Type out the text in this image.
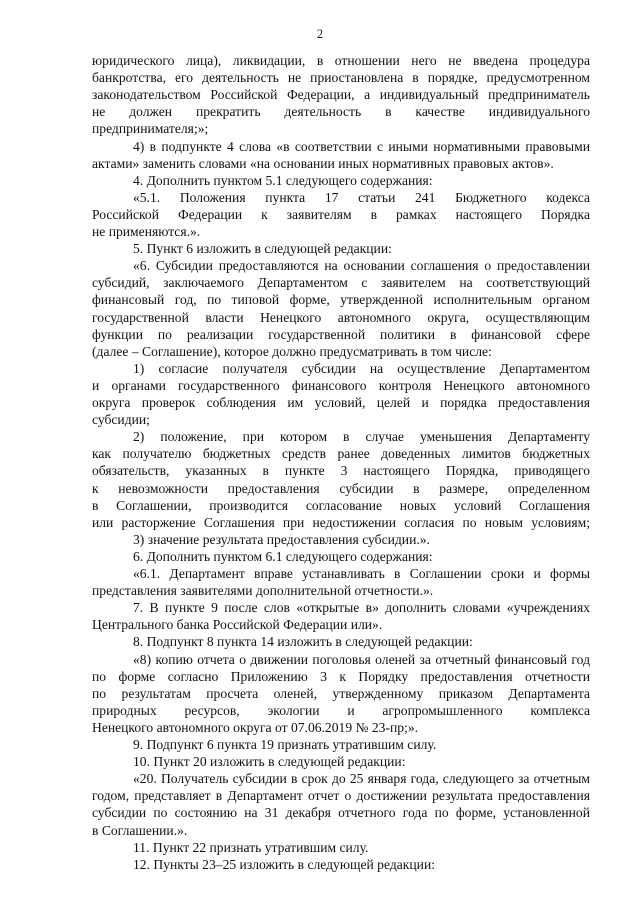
2
юридического лица), ликвидации, в отношении него не введена процедура
банкротства, его деятельность не приостановлена в порядке, предусмотренном
законодательством Российской Федерации, а индивидуальный предприниматель
не должен прекратить деятельность в качестве индивидуального
предпринимателя;»;
4) в подпункте 4 слова «в соответствии с иными нормативными правовыми
актами» заменить словами «на основании иных нормативных правовых актов».
4. Дополнить пунктом 5.1 следующего содержания:
«5.1. Положения пункта 17 статьи 241 Бюджетного кодекса
Российской Федерации к заявителям в рамках настоящего Порядка
не применяются.».
5. Пункт 6 изложить в следующей редакции:
«6. Субсидии предоставляются на основании соглашения о предоставлении
субсидий, заключаемого Департаментом с заявителем на соответствующий
финансовый год, по типовой форме, утвержденной исполнительным органом
государственной власти Ненецкого автономного округа, осуществляющим
функции по реализации государственной политики в финансовой сфере
(далее – Соглашение), которое должно предусматривать в том числе:
1) согласие получателя субсидии на осуществление Департаментом
и органами государственного финансового контроля Ненецкого автономного
округа проверок соблюдения им условий, целей и порядка предоставления
субсидии;
2) положение, при котором в случае уменьшения Департаменту
как получателю бюджетных средств ранее доведенных лимитов бюджетных
обязательств, указанных в пункте 3 настоящего Порядка, приводящего
к невозможности предоставления субсидии в размере, определенном
в Соглашении, производится согласование новых условий Соглашения
или расторжение Соглашения при недостижении согласия по новым условиям;
3) значение результата предоставления субсидии.».
6. Дополнить пунктом 6.1 следующего содержания:
«6.1. Департамент вправе устанавливать в Соглашении сроки и формы
представления заявителями дополнительной отчетности.».
7. В пункте 9 после слов «открытые в» дополнить словами «учреждениях
Центрального банка Российской Федерации или».
8. Подпункт 8 пункта 14 изложить в следующей редакции:
«8) копию отчета о движении поголовья оленей за отчетный финансовый год
по форме согласно Приложению 3 к Порядку предоставления отчетности
по результатам просчета оленей, утвержденному приказом Департамента
природных ресурсов, экологии и агропромышленного комплекса
Ненецкого автономного округа от 07.06.2019 № 23-пр;».
9. Подпункт 6 пункта 19 признать утратившим силу.
10. Пункт 20 изложить в следующей редакции:
«20. Получатель субсидии в срок до 25 января года, следующего за отчетным
годом, представляет в Департамент отчет о достижении результата предоставления
субсидии по состоянию на 31 декабря отчетного года по форме, установленной
в Соглашении.».
11. Пункт 22 признать утратившим силу.
12. Пункты 23–25 изложить в следующей редакции:
